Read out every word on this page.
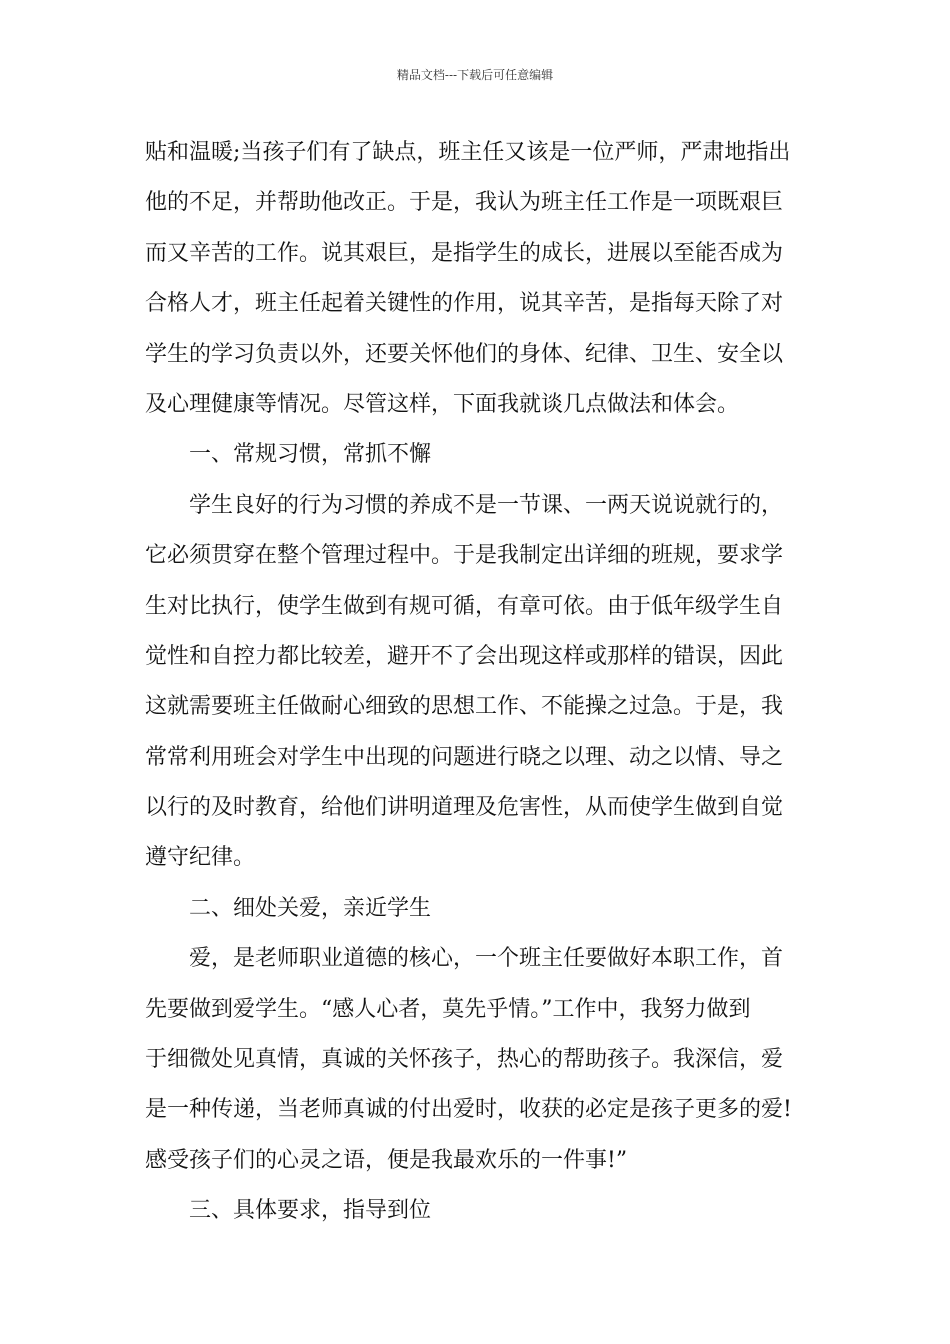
精品文档---下载后可任意编辑
贴和温暖;当孩子们有了缺点，班主任又该是一位严师，严肃地指出
他的不足，并帮助他改正。于是，我认为班主任工作是一项既艰巨
而又辛苦的工作。说其艰巨，是指学生的成长，进展以至能否成为
合格人才，班主任起着关键性的作用，说其辛苦，是指每天除了对
学生的学习负责以外，还要关怀他们的身体、纪律、卫生、安全以
及心理健康等情况。尽管这样，下面我就谈几点做法和体会。
一、常规习惯，常抓不懈
学生良好的行为习惯的养成不是一节课、一两天说说就行的，
它必须贯穿在整个管理过程中。于是我制定出详细的班规，要求学
生对比执行，使学生做到有规可循，有章可依。由于低年级学生自
觉性和自控力都比较差，避开不了会出现这样或那样的错误，因此
这就需要班主任做耐心细致的思想工作、不能操之过急。于是，我
常常利用班会对学生中出现的问题进行晓之以理、动之以情、导之
以行的及时教育，给他们讲明道理及危害性，从而使学生做到自觉
遵守纪律。
二、细处关爱，亲近学生
爱，是老师职业道德的核心，一个班主任要做好本职工作，首
先要做到爱学生。“感人心者，莫先乎情。”工作中，我努力做到
于细微处见真情，真诚的关怀孩子，热心的帮助孩子。我深信，爱
是一种传递，当老师真诚的付出爱时，收获的必定是孩子更多的爱!
感受孩子们的心灵之语，便是我最欢乐的一件事!”
三、具体要求，指导到位
